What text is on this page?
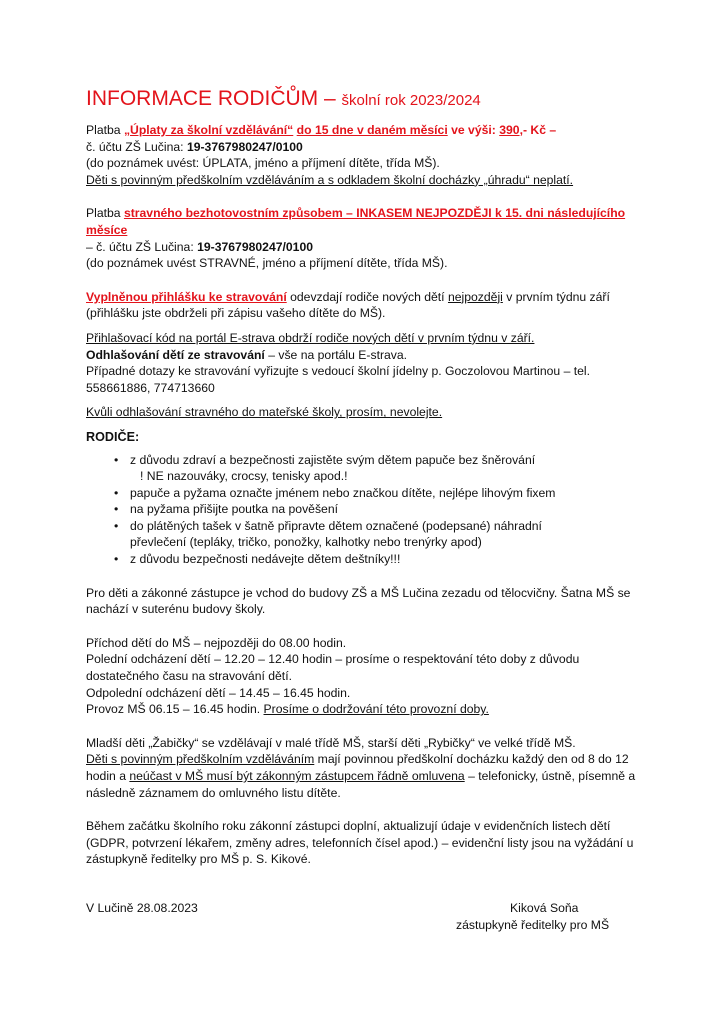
INFORMACE RODIČŮM – školní rok 2023/2024

Platba „Úplaty za školní vzdělávání“ do 15 dne v daném měsíci ve výši: 390,- Kč –

č. účtu ZŠ Lučina: 19-3767980247/0100

(do poznámek uvést: ÚPLATA, jméno a příjmení dítěte, třída MŠ).

Děti s povinným předškolním vzděláváním a s odkladem školní docházky „úhradu“ neplatí.

Platba stravného bezhotovostním způsobem – INKASEM NEJPOZDĚJI k 15. dni následujícího měsíce

– č. účtu ZŠ Lučina: 19-3767980247/0100

(do poznámek uvést STRAVNÉ, jméno a příjmení dítěte, třída MŠ).

Vyplněnou přihlášku ke stravování odevzdají rodiče nových dětí nejpozději v prvním týdnu září (přihlášku jste obdrželi při zápisu vašeho dítěte do MŠ).

Přihlašovací kód na portál E-strava obdrží rodiče nových dětí v prvním týdnu v září.

Odhlašování dětí ze stravování – vše na portálu E-strava.

Případné dotazy ke stravování vyřizujte s vedoucí školní jídelny p. Goczolovou Martinou – tel. 558661886, 774713660

Kvůli odhlašování stravného do mateřské školy, prosím, nevolejte.

RODIČE:

• z důvodu zdraví a bezpečnosti zajistěte svým dětem papuče bez šněrování
! NE nazouváky, crocsy, tenisky apod.!
• papuče a pyžama označte jménem nebo značkou dítěte, nejlépe lihovým fixem
• na pyžama přišijte poutka na pověšení
• do plátěných tašek v šatně připravte dětem označené (podepsané) náhradní
převlečení (tepláky, tričko, ponožky, kalhotky nebo trenýrky apod)
• z důvodu bezpečnosti nedávejte dětem deštníky!!!

Pro děti a zákonné zástupce je vchod do budovy ZŠ a MŠ Lučina zezadu od tělocvičny. Šatna MŠ se nachází v suterénu budovy školy.

Příchod dětí do MŠ – nejpozději do 08.00 hodin.

Polední odcházení dětí – 12.20 – 12.40 hodin – prosíme o respektování této doby z důvodu dostatečného času na stravování dětí.

Odpolední odcházení dětí – 14.45 – 16.45 hodin.

Provoz MŠ 06.15 – 16.45 hodin. Prosíme o dodržování této provozní doby.

Mladší děti „Žabičky“ se vzdělávají v malé třídě MŠ, starší děti „Rybičky“ ve velké třídě MŠ.

Děti s povinným předškolním vzděláváním mají povinnou předškolní docházku každý den od 8 do 12 hodin a neúčast v MŠ musí být zákonným zástupcem řádně omluvena – telefonicky, ústně, písemně a následně záznamem do omluvného listu dítěte.

Během začátku školního roku zákonní zástupci doplní, aktualizují údaje v evidenčních listech dětí (GDPR, potvrzení lékařem, změny adres, telefonních čísel apod.) – evidenční listy jsou na vyžádání u zástupkyně ředitelky pro MŠ p. S. Kikové.

V Lučině 28.08.2023	Kiková Soňa
zástupkyně ředitelky pro MŠ
